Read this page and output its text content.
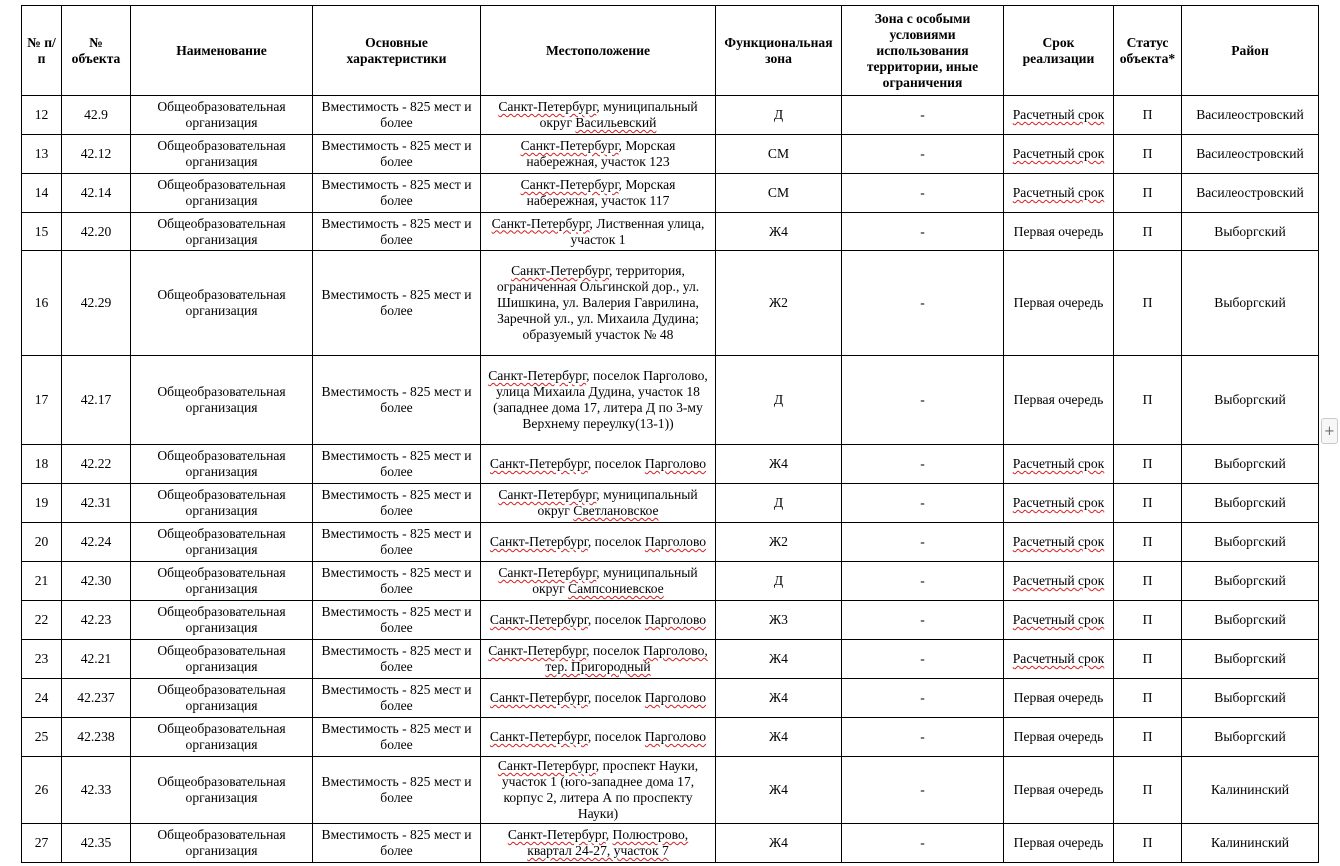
№ п/п	№ объекта	Наименование	Основные характеристики	Местоположение	Функциональная зона	Зона с особыми условиями использования территории, иные ограничения	Срок реализации	Статус объекта*	Район
12	42.9	Общеобразовательная организация	Вместимость - 825 мест и более	Санкт-Петербург, муниципальный округ Васильевский	Д	-	Расчетный срок	П	Василеостровский
13	42.12	Общеобразовательная организация	Вместимость - 825 мест и более	Санкт-Петербург, Морская набережная, участок 123	СМ	-	Расчетный срок	П	Василеостровский
14	42.14	Общеобразовательная организация	Вместимость - 825 мест и более	Санкт-Петербург, Морская набережная, участок 117	СМ	-	Расчетный срок	П	Василеостровский
15	42.20	Общеобразовательная организация	Вместимость - 825 мест и более	Санкт-Петербург, Лиственная улица, участок 1	Ж4	-	Первая очередь	П	Выборгский
16	42.29	Общеобразовательная организация	Вместимость - 825 мест и более	Санкт-Петербург, территория, ограниченная Ольгинской дор., ул. Шишкина, ул. Валерия Гаврилина, Заречной ул., ул. Михаила Дудина; образуемый участок № 48	Ж2	-	Первая очередь	П	Выборгский
17	42.17	Общеобразовательная организация	Вместимость - 825 мест и более	Санкт-Петербург, поселок Парголово, улица Михаила Дудина, участок 18 (западнее дома 17, литера Д по 3-му Верхнему переулку(13-1))	Д	-	Первая очередь	П	Выборгский
18	42.22	Общеобразовательная организация	Вместимость - 825 мест и более	Санкт-Петербург, поселок Парголово	Ж4	-	Расчетный срок	П	Выборгский
19	42.31	Общеобразовательная организация	Вместимость - 825 мест и более	Санкт-Петербург, муниципальный округ Светлановское	Д	-	Расчетный срок	П	Выборгский
20	42.24	Общеобразовательная организация	Вместимость - 825 мест и более	Санкт-Петербург, поселок Парголово	Ж2	-	Расчетный срок	П	Выборгский
21	42.30	Общеобразовательная организация	Вместимость - 825 мест и более	Санкт-Петербург, муниципальный округ Сампсониевское	Д	-	Расчетный срок	П	Выборгский
22	42.23	Общеобразовательная организация	Вместимость - 825 мест и более	Санкт-Петербург, поселок Парголово	Ж3	-	Расчетный срок	П	Выборгский
23	42.21	Общеобразовательная организация	Вместимость - 825 мест и более	Санкт-Петербург, поселок Парголово, тер. Пригородный	Ж4	-	Расчетный срок	П	Выборгский
24	42.237	Общеобразовательная организация	Вместимость - 825 мест и более	Санкт-Петербург, поселок Парголово	Ж4	-	Первая очередь	П	Выборгский
25	42.238	Общеобразовательная организация	Вместимость - 825 мест и более	Санкт-Петербург, поселок Парголово	Ж4	-	Первая очередь	П	Выборгский
26	42.33	Общеобразовательная организация	Вместимость - 825 мест и более	Санкт-Петербург, проспект Науки, участок 1 (юго-западнее дома 17, корпус 2, литера А по проспекту Науки)	Ж4	-	Первая очередь	П	Калининский
27	42.35	Общеобразовательная организация	Вместимость - 825 мест и более	Санкт-Петербург, Полюстрово, квартал 24-27, участок 7	Ж4	-	Первая очередь	П	Калининский
+
